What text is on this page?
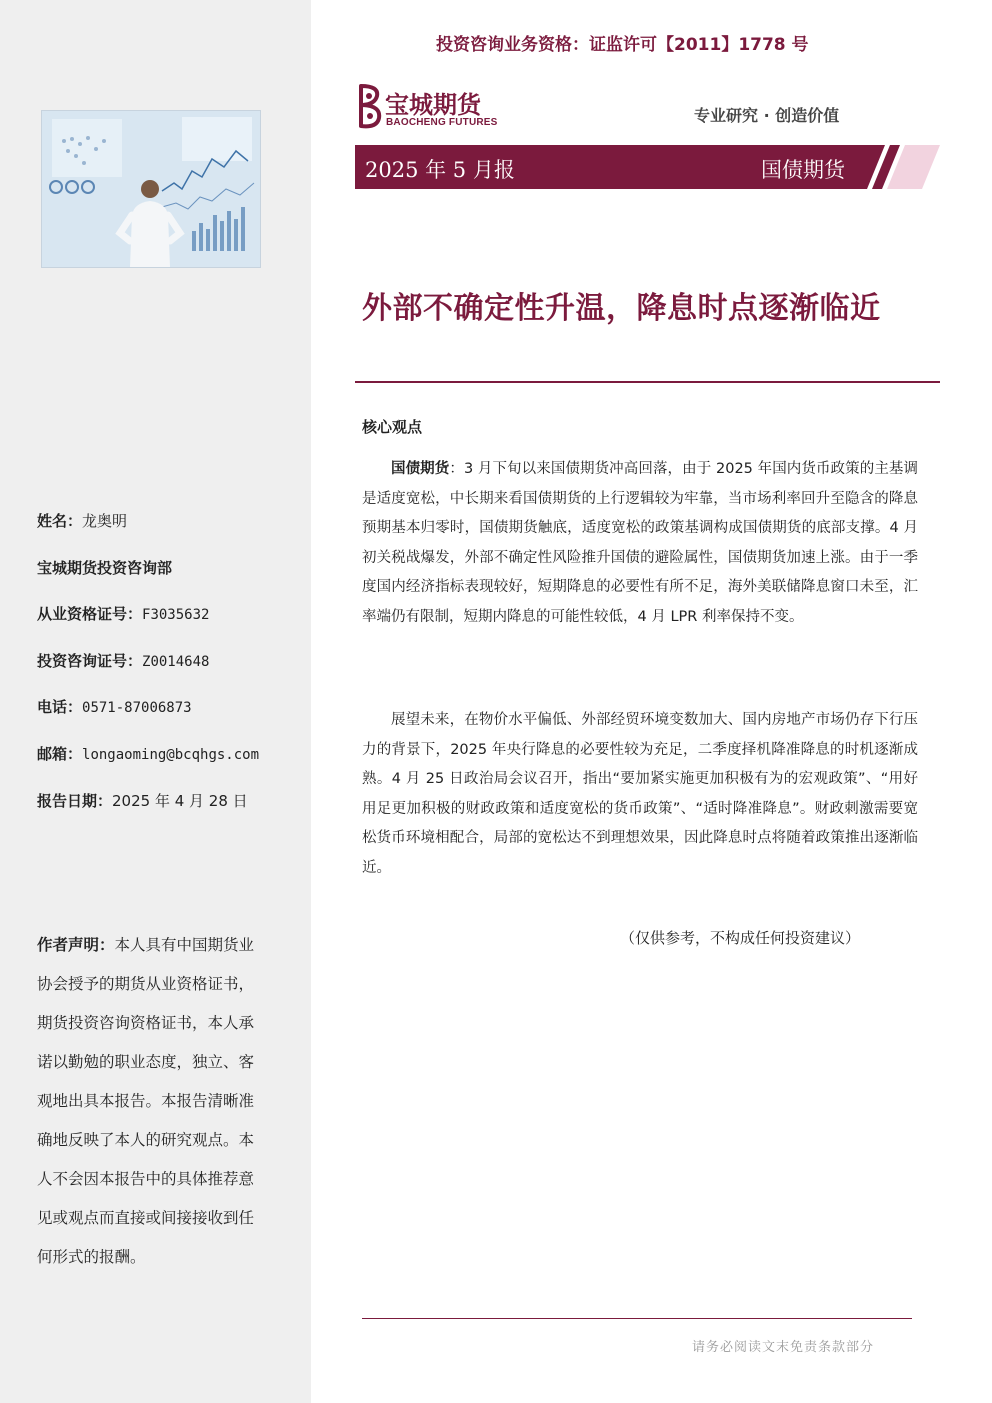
姓名：龙奥明
宝城期货投资咨询部
从业资格证号：F3035632
投资咨询证号：Z0014648
电话：0571-87006873
邮箱：longaoming@bcqhgs.com
报告日期：2025 年 4 月 28 日
作者声明：本人具有中国期货业协会授予的期货从业资格证书，期货投资咨询资格证书，本人承诺以勤勉的职业态度，独立、客观地出具本报告。本报告清晰准确地反映了本人的研究观点。本人不会因本报告中的具体推荐意见或观点而直接或间接接收到任何形式的报酬。
投资咨询业务资格：证监许可【2011】1778 号
宝城期货
BAOCHENG FUTURES	专业研究 · 创造价值
2025 年 5 月报	国债期货
外部不确定性升温，降息时点逐渐临近
核心观点
国债期货：3 月下旬以来国债期货冲高回落，由于 2025 年国内货币政策的主基调是适度宽松，中长期来看国债期货的上行逻辑较为牢靠，当市场利率回升至隐含的降息预期基本归零时，国债期货触底，适度宽松的政策基调构成国债期货的底部支撑。4 月初关税战爆发，外部不确定性风险推升国债的避险属性，国债期货加速上涨。由于一季度国内经济指标表现较好，短期降息的必要性有所不足，海外美联储降息窗口未至，汇率端仍有限制，短期内降息的可能性较低，4 月 LPR 利率保持不变。
展望未来，在物价水平偏低、外部经贸环境变数加大、国内房地产市场仍存下行压力的背景下，2025 年央行降息的必要性较为充足，二季度择机降准降息的时机逐渐成熟。4 月 25 日政治局会议召开，指出“要加紧实施更加积极有为的宏观政策”、“用好用足更加积极的财政政策和适度宽松的货币政策”、“适时降准降息”。财政刺激需要宽松货币环境相配合，局部的宽松达不到理想效果，因此降息时点将随着政策推出逐渐临近。
（仅供参考，不构成任何投资建议）
请务必阅读文末免责条款部分
